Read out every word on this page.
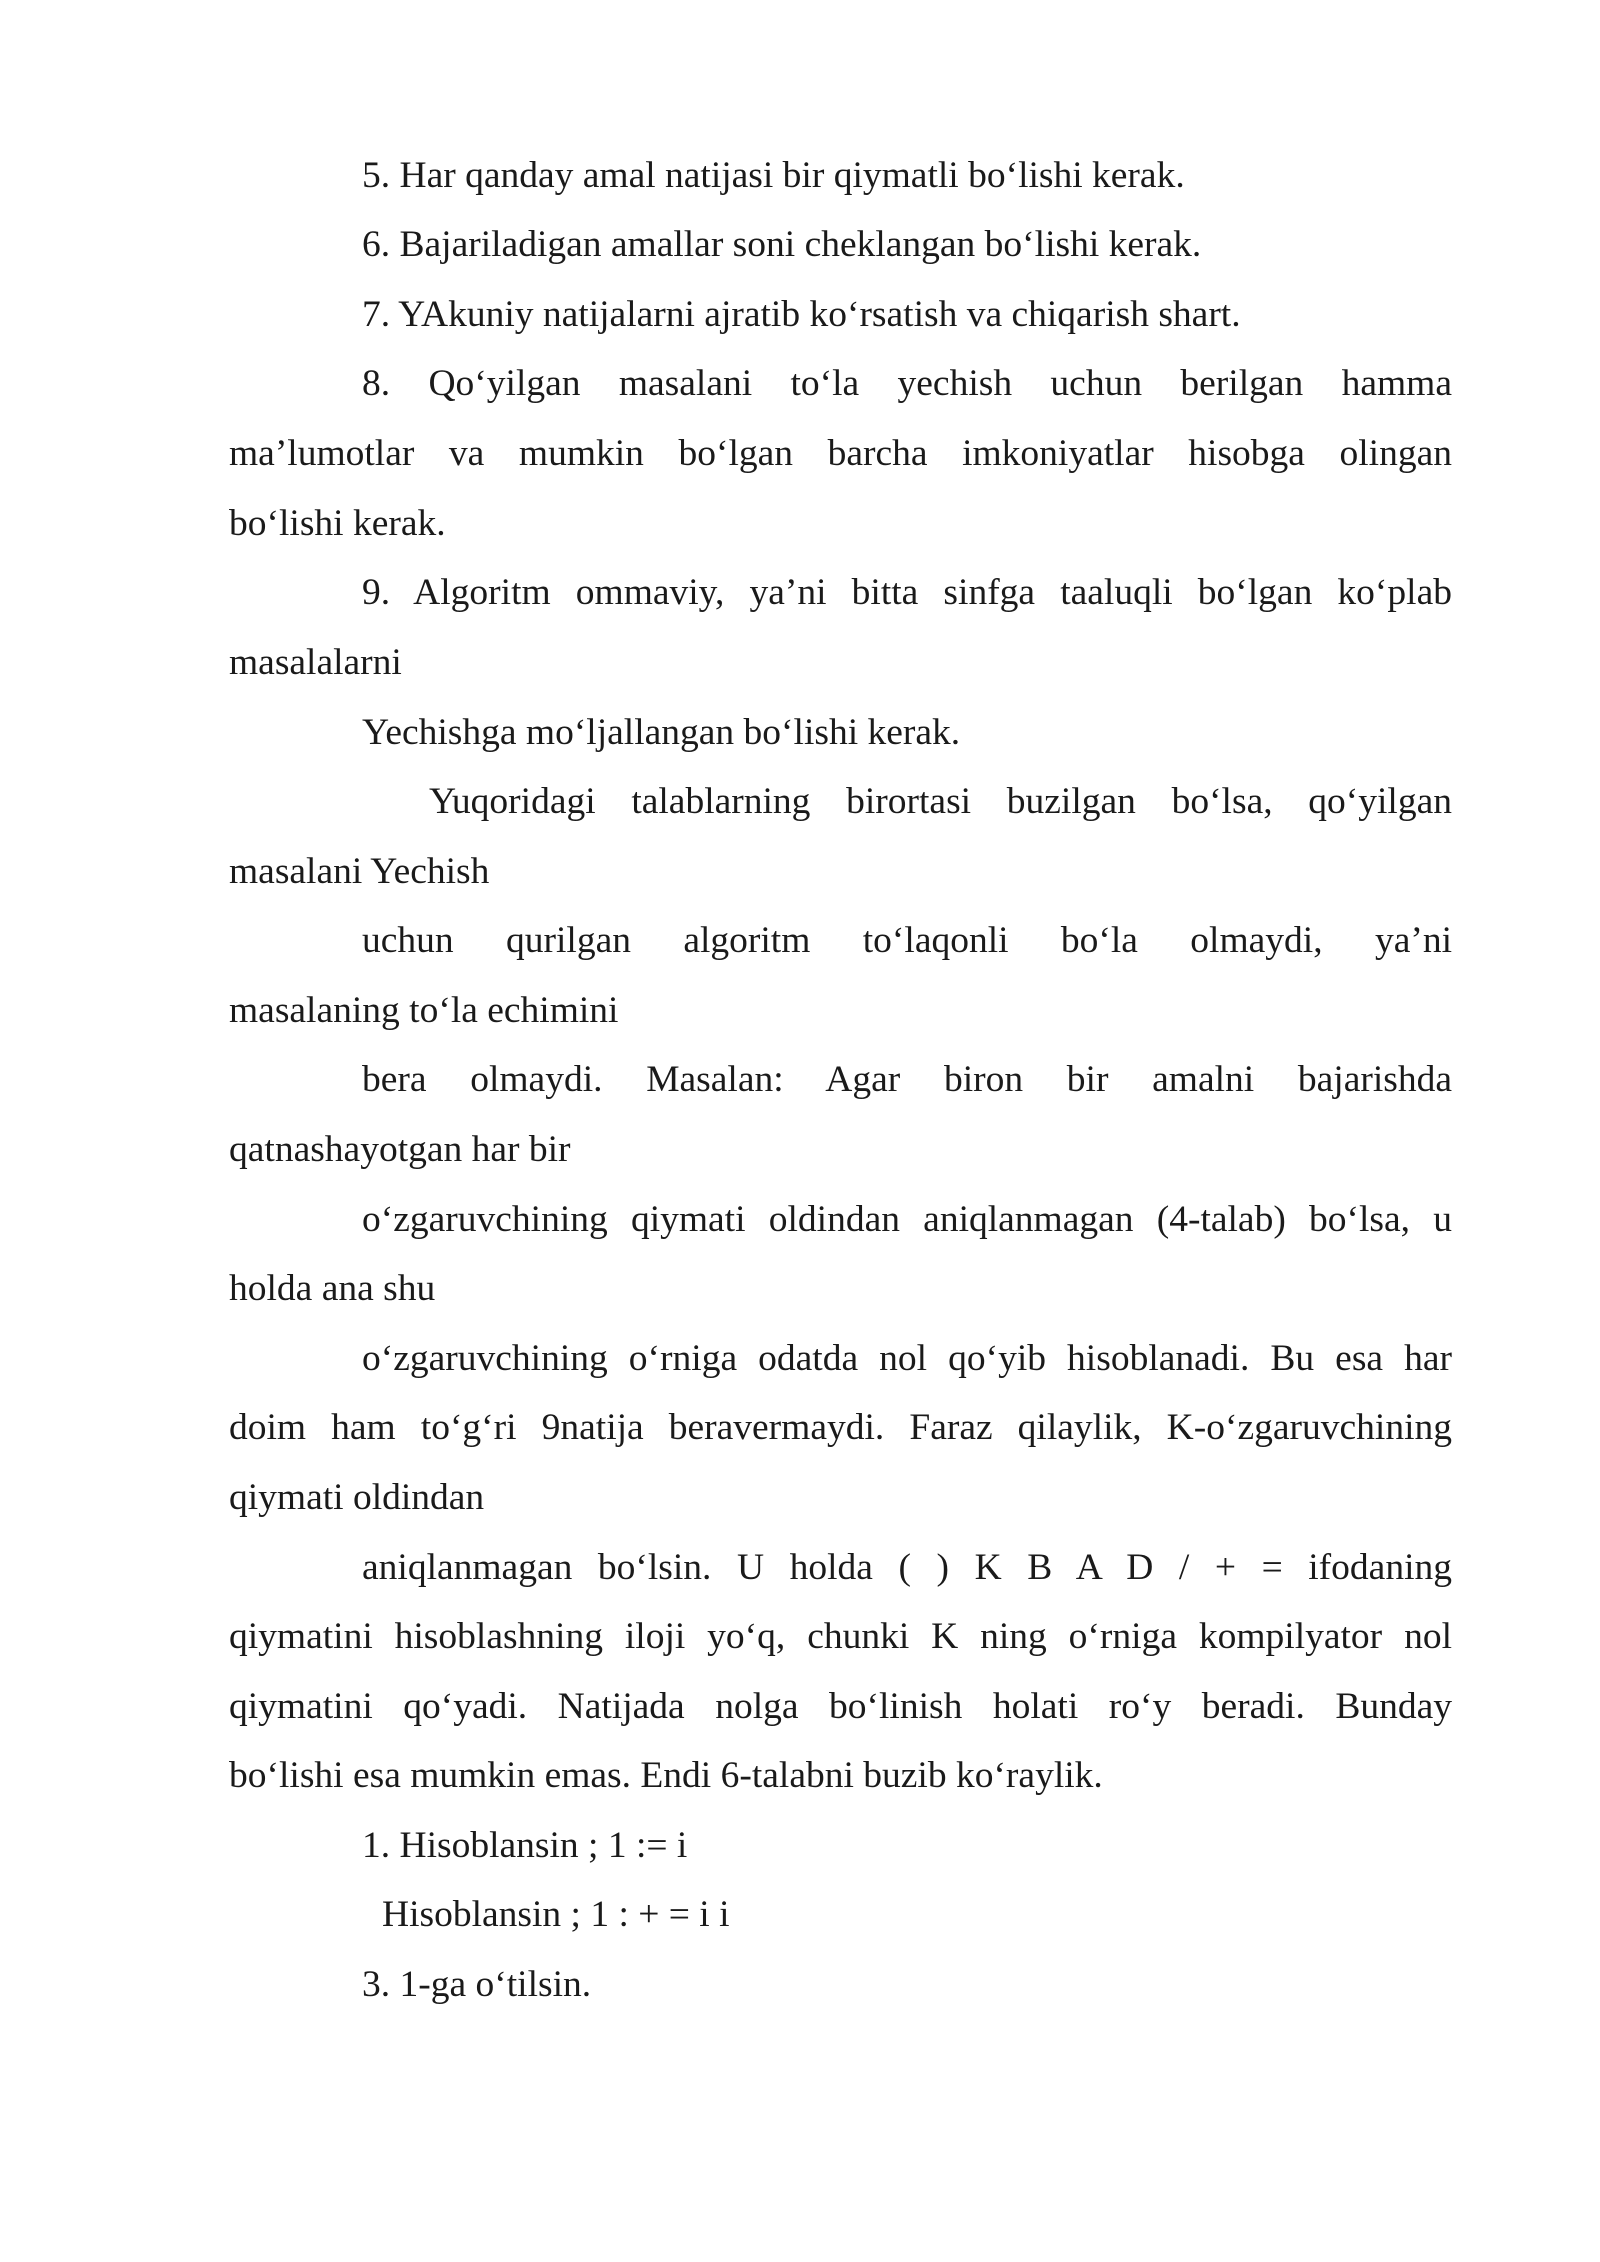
5. Har qanday amal natijasi bir qiymatli bo‘lishi kerak.
6. Bajariladigan amallar soni cheklangan bo‘lishi kerak.
7. YAkuniy natijalarni ajratib ko‘rsatish va chiqarish shart.
8. Qo‘yilgan masalani to‘la yechish uchun berilgan hamma
ma’lumotlar va mumkin bo‘lgan barcha imkoniyatlar hisobga olingan
bo‘lishi kerak.
9. Algoritm ommaviy, ya’ni bitta sinfga taaluqli bo‘lgan ko‘plab
masalalarni
Yechishga mo‘ljallangan bo‘lishi kerak.
Yuqoridagi talablarning birortasi buzilgan bo‘lsa, qo‘yilgan
masalani Yechish
uchun qurilgan algoritm to‘laqonli bo‘la olmaydi, ya’ni
masalaning to‘la echimini
bera olmaydi. Masalan: Agar biron bir amalni bajarishda
qatnashayotgan har bir
o‘zgaruvchining qiymati oldindan aniqlanmagan (4-talab) bo‘lsa, u
holda ana shu
o‘zgaruvchining o‘rniga odatda nol qo‘yib hisoblanadi. Bu esa har
doim ham to‘g‘ri 9natija beravermaydi. Faraz qilaylik, K-o‘zgaruvchining
qiymati oldindan
aniqlanmagan bo‘lsin. U holda ( ) K B A D / + = ifodaning
qiymatini hisoblashning iloji yo‘q, chunki K ning o‘rniga kompilyator nol
qiymatini qo‘yadi. Natijada nolga bo‘linish holati ro‘y beradi. Bunday
bo‘lishi esa mumkin emas. Endi 6-talabni buzib ko‘raylik.
1. Hisoblansin ; 1 := i
Hisoblansin ; 1 : + = i i
3. 1-ga o‘tilsin.
